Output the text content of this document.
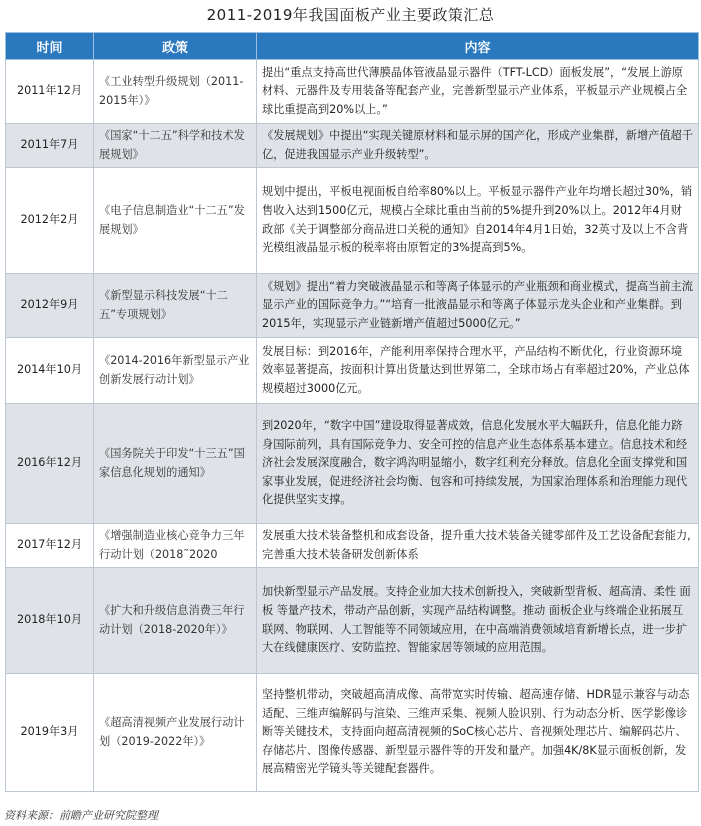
2011-2019年我国面板产业主要政策汇总
时间	政策	内容
2011年12月	《工业转型升级规划（2011-2015年）》	提出“重点支持高世代薄膜晶体管液晶显示器件（TFT-LCD）面板发展”，“发展上游原材料、元器件及专用装备等配套产业，完善新型显示产业体系，平板显示产业规模占全球比重提高到20%以上。”
2011年7月	《国家“十二五”科学和技术发展规划》	《发展规划》中提出“实现关键原材料和显示屏的国产化，形成产业集群，新增产值超千亿，促进我国显示产业升级转型”。
2012年2月	《电子信息制造业“十二五”发展规划》	规划中提出，平板电视面板自给率80%以上。平板显示器件产业年均增长超过30%，销售收入达到1500亿元，规模占全球比重由当前的5%提升到20%以上。2012年4月财政部《关于调整部分商品进口关税的通知》自2014年4月1日始，32英寸及以上不含背光模组液晶显示板的税率将由原暂定的3%提高到5%。
2012年9月	《新型显示科技发展“十二五”专项规划》	《规划》提出“着力突破液晶显示和等离子体显示的产业瓶颈和商业模式，提高当前主流显示产业的国际竞争力。”“培育一批液晶显示和等离子体显示龙头企业和产业集群。到2015年，实现显示产业链新增产值超过5000亿元。”
2014年10月	《2014-2016年新型显示产业创新发展行动计划》	发展目标：到2016年，产能利用率保持合理水平，产品结构不断优化，行业资源环境效率显著提高，按面积计算出货量达到世界第二，全球市场占有率超过20%，产业总体规模超过3000亿元。
2016年12月	《国务院关于印发“十三五”国家信息化规划的通知》	到2020年，“数字中国”建设取得显著成效，信息化发展水平大幅跃升，信息化能力跻身国际前列，具有国际竞争力、安全可控的信息产业生态体系基本建立。信息技术和经济社会发展深度融合，数字鸿沟明显缩小，数字红利充分释放。信息化全面支撑党和国家事业发展，促进经济社会均衡、包容和可持续发展，为国家治理体系和治理能力现代化提供坚实支撑。
2017年12月	《增强制造业核心竞争力三年行动计划（2018˜2020	发展重大技术装备整机和成套设备，提升重大技术装备关键零部件及工艺设备配套能力,完善重大技术装备研发创新体系
2018年10月	《扩大和升级信息消费三年行动计划（2018-2020年）》	加快新型显示产品发展。支持企业加大技术创新投入，突破新型背板、超高清、柔性 面板 等量产技术，带动产品创新，实现产品结构调整。推动 面板企业与终端企业拓展互联网、物联网、人工智能等不同领域应用，在中高端消费领域培育新增长点，进一步扩大在线健康医疗、安防监控、智能家居等领域的应用范围。
2019年3月	《超高清视频产业发展行动计划（2019-2022年）》	坚持整机带动，突破超高清成像、高带宽实时传输、超高速存储、HDR显示兼容与动态适配、三维声编解码与渲染、三维声采集、视频人脸识别、行为动态分析、医学影像诊断等关键技术，支持面向超高清视频的SoC核心芯片、音视频处理芯片、编解码芯片、存储芯片、图像传感器、新型显示器件等的开发和量产。加强4K/8K显示面板创新，发展高精密光学镜头等关键配套器件。
资料来源：前瞻产业研究院整理
